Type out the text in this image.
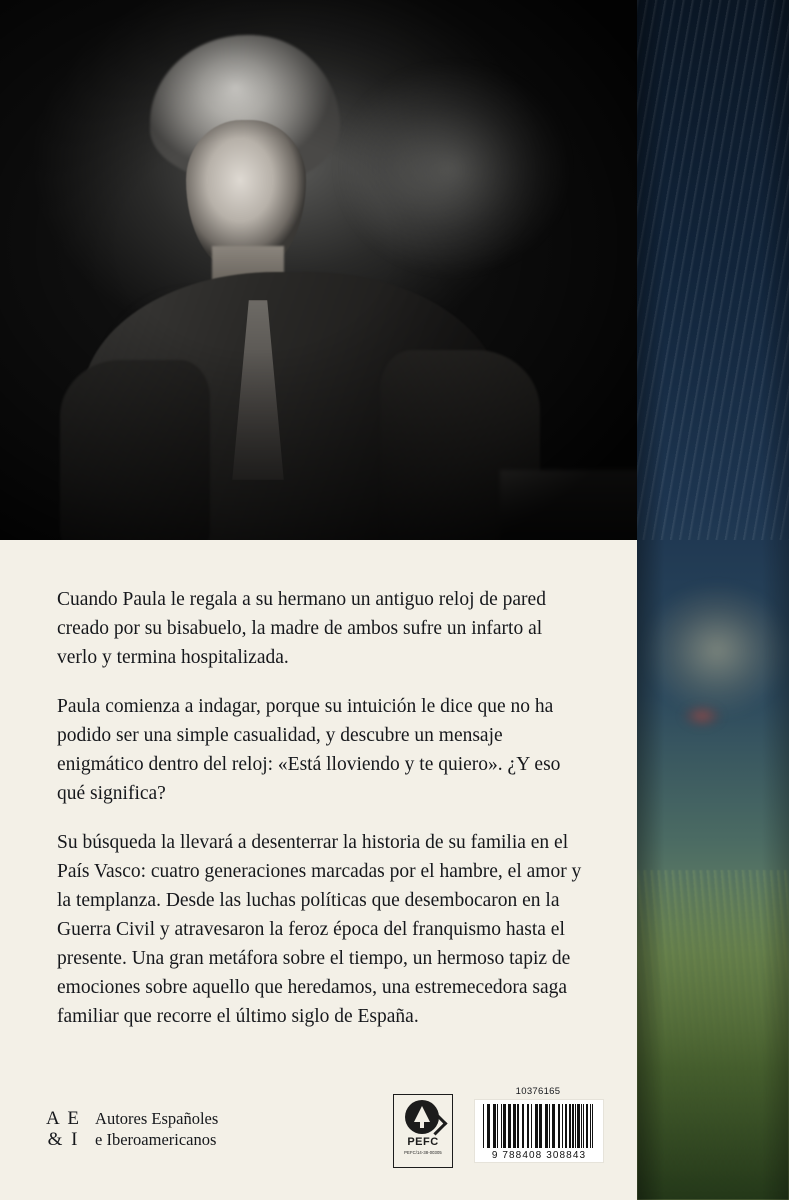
Cuando Paula le regala a su hermano un antiguo reloj de pared creado por su bisabuelo, la madre de ambos sufre un infarto al verlo y termina hospitalizada.

Paula comienza a indagar, porque su intuición le dice que no ha podido ser una simple casualidad, y descubre un mensaje enigmático dentro del reloj: «Está lloviendo y te quiero». ¿Y eso qué significa?

Su búsqueda la llevará a desenterrar la historia de su familia en el País Vasco: cuatro generaciones marcadas por el hambre, el amor y la templanza. Desde las luchas políticas que desembocaron en la Guerra Civil y atravesaron la feroz época del franquismo hasta el presente. Una gran metáfora sobre el tiempo, un hermoso tapiz de emociones sobre aquello que heredamos, una estremecedora saga familiar que recorre el último siglo de España.

A E
& I
Autores Españoles
e Iberoamericanos	PEFC
PEFC/14-38-00305
10376165
9 788408 308843
